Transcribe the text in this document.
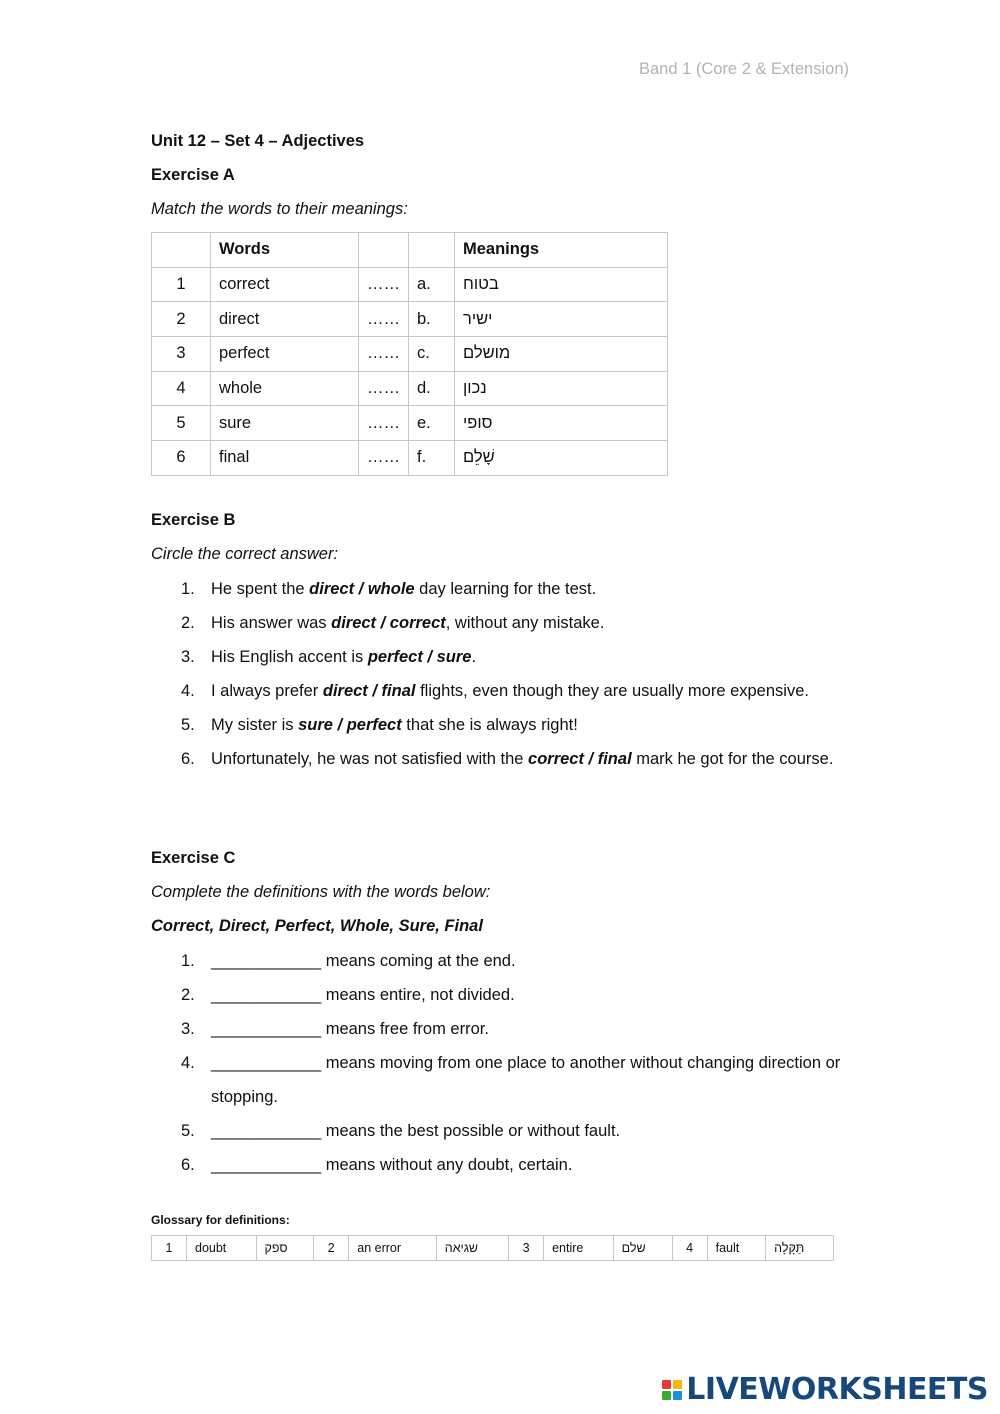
Band 1 (Core 2 & Extension)
Unit 12 – Set 4 – Adjectives
Exercise A
Match the words to their meanings:
	Words			Meanings
1	correct	……	a.	בטוח
2	direct	……	b.	ישיר
3	perfect	……	c.	מושלם
4	whole	……	d.	נכון
5	sure	……	e.	סופי
6	final	……	f.	שָׁלֵם
Exercise B
Circle the correct answer:
1. He spent the direct / whole day learning for the test.
2. His answer was direct / correct, without any mistake.
3. His English accent is perfect / sure.
4. I always prefer direct / final flights, even though they are usually more expensive.
5. My sister is sure / perfect that she is always right!
6. Unfortunately, he was not satisfied with the correct / final mark he got for the course.
Exercise C
Complete the definitions with the words below:
Correct, Direct, Perfect, Whole, Sure, Final
1. ____________ means coming at the end.
2. ____________ means entire, not divided.
3. ____________ means free from error.
4. ____________ means moving from one place to another without changing direction or stopping.
5. ____________ means the best possible or without fault.
6. ____________ means without any doubt, certain.
Glossary for definitions:
1	doubt	ספק	2	an error	שגיאה	3	entire	שלם	4	fault	תַּקָּלָה
LIVEWORKSHEETS
